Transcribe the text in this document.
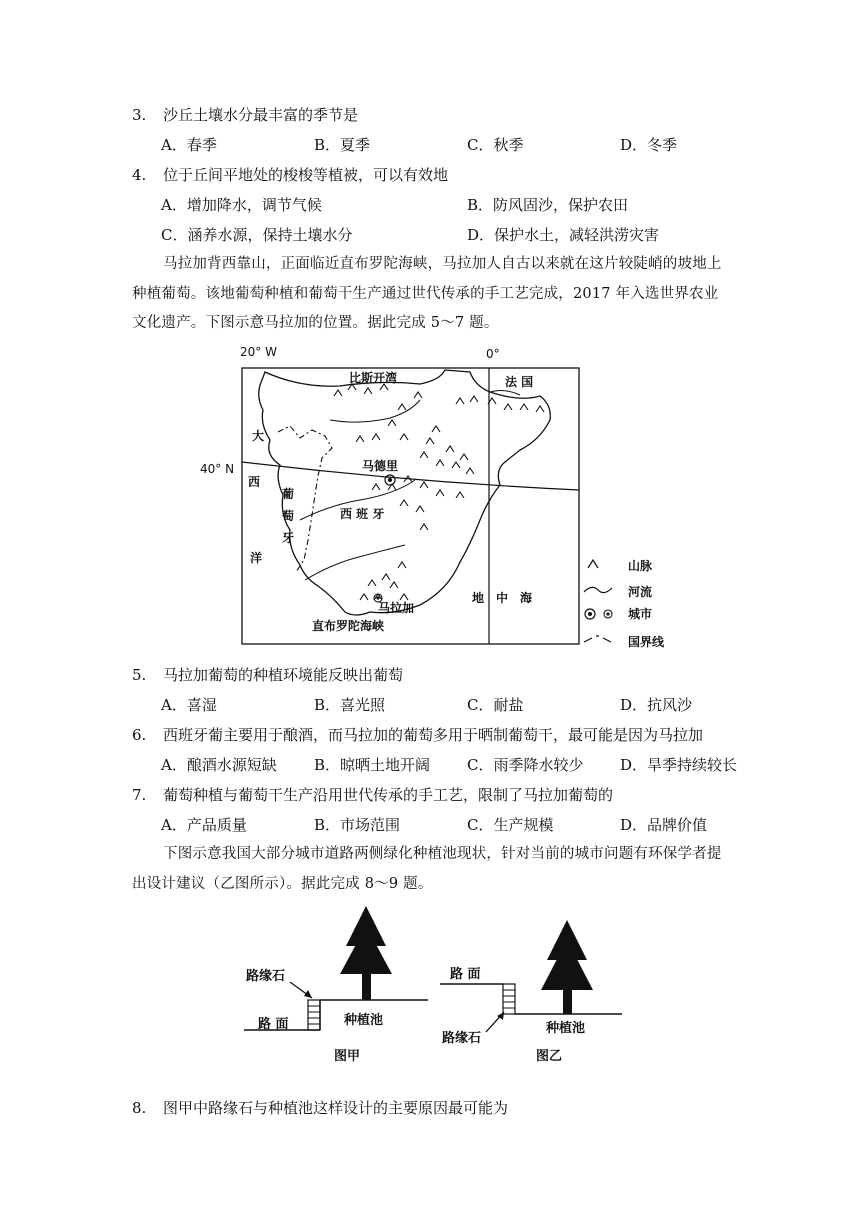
3. 沙丘土壤水分最丰富的季节是
A．春季	B．夏季	C．秋季	D．冬季
4. 位于丘间平地处的梭梭等植被，可以有效地
A．增加降水，调节气候	B．防风固沙，保护农田
C．涵养水源，保持土壤水分	D．保护水土，减轻洪涝灾害
马拉加背西靠山，正面临近直布罗陀海峡，马拉加人自古以来就在这片较陡峭的坡地上
种植葡萄。该地葡萄种植和葡萄干生产通过世代传承的手工艺完成，2017 年入选世界农业
文化遗产。下图示意马拉加的位置。据此完成 5～7 题。
20° W	0°
40° N
比斯开湾	法 国
大
西
洋
葡
萄
牙
马德里
西 班 牙
马拉加
直布罗陀海峡
地　中　海
山脉
河流
城市
国界线
5. 马拉加葡萄的种植环境能反映出葡萄
A．喜湿	B．喜光照	C．耐盐	D．抗风沙
6. 西班牙葡主要用于酿酒，而马拉加的葡萄多用于晒制葡萄干，最可能是因为马拉加
A．酿酒水源短缺 B．晾晒土地开阔 C．雨季降水较少 D．旱季持续较长
7. 葡萄种植与葡萄干生产沿用世代传承的手工艺，限制了马拉加葡萄的
A．产品质量	B．市场范围	C．生产规模	D．品牌价值
下图示意我国大部分城市道路两侧绿化种植池现状，针对当前的城市问题有环保学者提
出设计建议（乙图所示）。据此完成 8～9 题。
路缘石
路 面	种植池
图甲
路 面
路缘石
种植池
图乙
8. 图甲中路缘石与种植池这样设计的主要原因最可能为
